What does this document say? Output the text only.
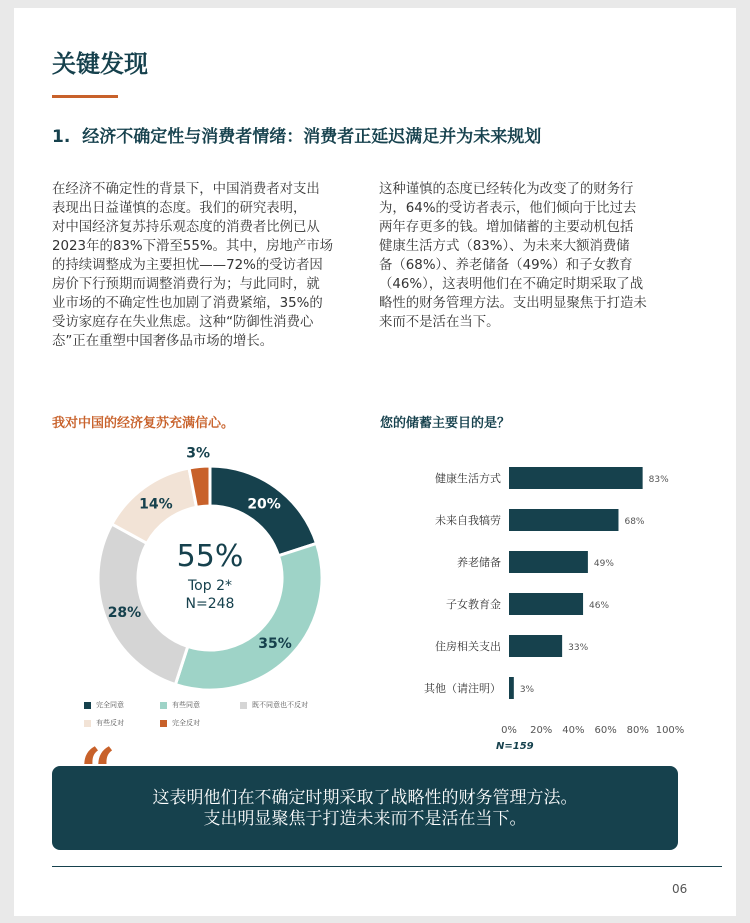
关键发现
1. 经济不确定性与消费者情绪：消费者正延迟满足并为未来规划
在经济不确定性的背景下，中国消费者对支出
表现出日益谨慎的态度。我们的研究表明，
对中国经济复苏持乐观态度的消费者比例已从
2023年的83%下滑至55%。其中，房地产市场
的持续调整成为主要担忧——72%的受访者因
房价下行预期而调整消费行为；与此同时，就
业市场的不确定性也加剧了消费紧缩，35%的
受访家庭存在失业焦虑。这种“防御性消费心
态”正在重塑中国奢侈品市场的增长。
这种谨慎的态度已经转化为改变了的财务行
为，64%的受访者表示，他们倾向于比过去
两年存更多的钱。增加储蓄的主要动机包括
健康生活方式（83%）、为未来大额消费储
备（68%）、养老储备（49%）和子女教育
（46%），这表明他们在不确定时期采取了战
略性的财务管理方法。支出明显聚焦于打造未
来而不是活在当下。
我对中国的经济复苏充满信心。	您的储蓄主要目的是？
20%
35%
28%
14%
3%
55%
Top 2*
N=248
完全同意	有些同意	既不同意也不反对
有些反对	完全反对
健康生活方式	83%
未来自我犒劳	68%
养老储备	49%
子女教育金	46%
住房相关支出	33%
其他（请注明） 3%
0% 20% 40% 60% 80% 100%
N=159
“	这表明他们在不确定时期采取了战略性的财务管理方法。
支出明显聚焦于打造未来而不是活在当下。
06
